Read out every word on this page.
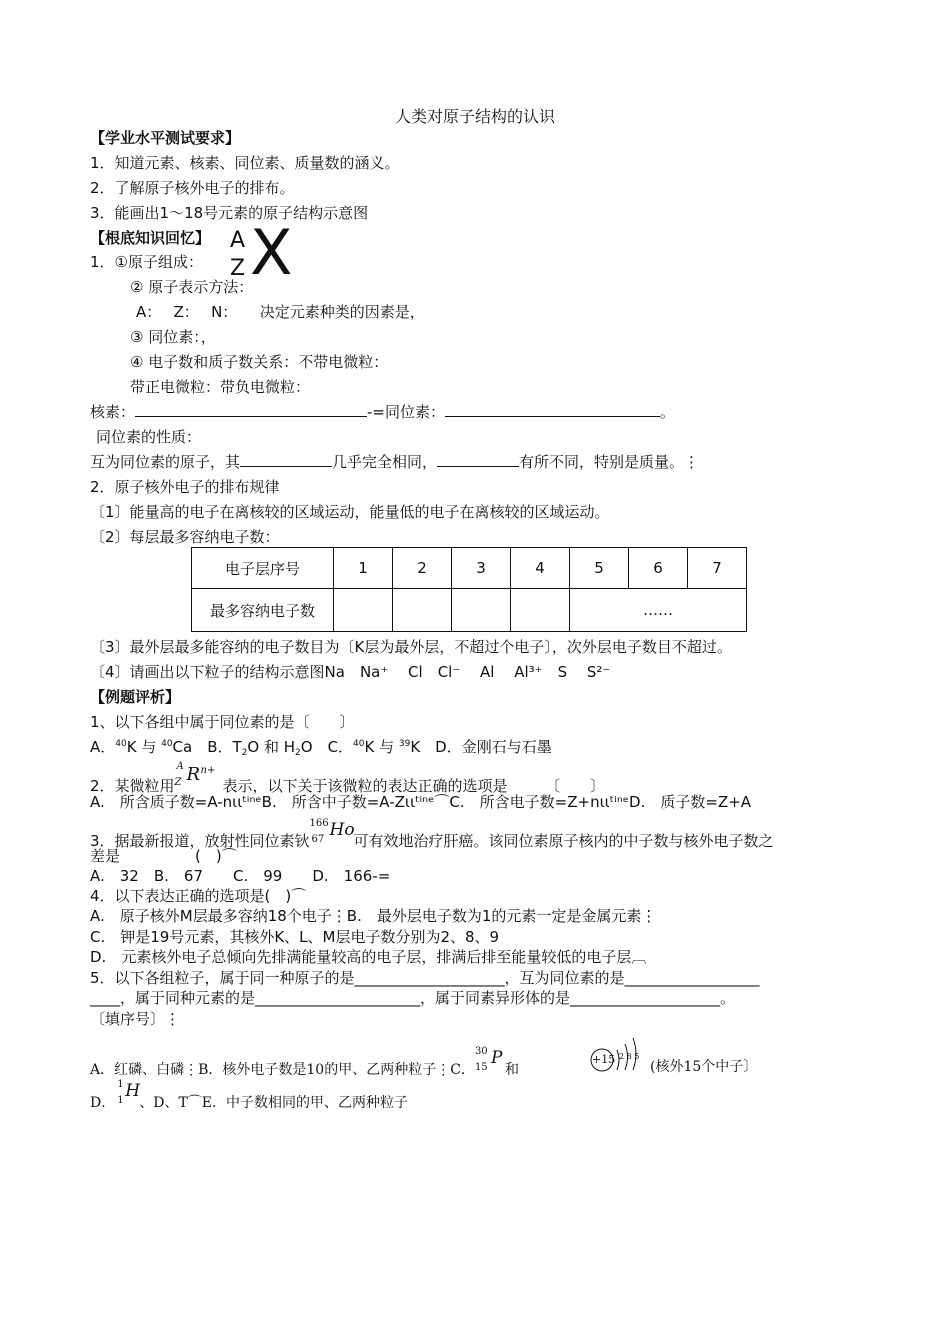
人类对原子结构的认识
【学业水平测试要求】
1．知道元素、核素、同位素、质量数的涵义。
2．了解原子核外电子的排布。
3．能画出1～18号元素的原子结构示意图
【根底知识回忆】 A
Z X
1．①原子组成：
② 原子表示方法：
A：　 Z：　 N：　　决定元素种类的因素是，
③ 同位素：，
④ 电子数和质子数关系：不带电微粒：
带正电微粒：带负电微粒：
核素：	-=同位素：	。
同位素的性质：
互为同位素的原子，其	几乎完全相同，	有所不同，特别是质量。⋮
2．原子核外电子的排布规律
〔1〕能量高的电子在离核较的区域运动，能量低的电子在离核较的区域运动。
〔2〕每层最多容纳电子数：
电子层序号	1	2	3	4	5	6	7
最多容纳电子数					……		
〔3〕最外层最多能容纳的电子数目为〔K层为最外层，不超过个电子〕，次外层电子数目不超过。
〔4〕请画出以下粒子的结构示意图Na　Na⁺　 Cl　Cl⁻　 Al　 Al³⁺　S　 S²⁻
【例题评析】
1、以下各组中属于同位素的是〔　　〕
A．$^{40}$K 与 $^{40}$Ca　B．$T_2O$ 和 $H_2O$　C．$^{40}$K 与 $^{39}$K　D．金刚石与石墨
2．某微粒用
A
Z R n+
表示，以下关于该微粒的表达正确的选项是　　　〔　　〕
A.　所含质子数=A-nιιᵗⁱⁿᵉB.　所含中子数=A-Zιιᵗⁱⁿᵉ⌒C.　所含电子数=Z+nιιᵗⁱⁿᵉD.　质子数=Z+A
3．据最新报道，放射性同位素钬
166
67 Ho
可有效地治疗肝癌。该同位素原子核内的中子数与核外电子数之
差是　　　　　(　)⌒
A.　32　B.　67　　C.　99　　D.　166-=
4．以下表达正确的选项是(　)⌒
A.　原子核外M层最多容纳18个电子⋮B.　最外层电子数为1的元素一定是金属元素⋮
C.　钾是19号元素，其核外K、L、M层电子数分别为2、8、9
D.　元素核外电子总倾向先排满能量较高的电子层，排满后排至能量较低的电子层︹
5．以下各组粒子，属于同一种原子的是____________________，互为同位素的是__________________
____，属于同种元素的是______________________，属于同素异形体的是____________________。
〔填序号〕⋮
A．红磷、白磷⋮B．核外电子数是10的甲、乙两种粒子⋮C．
30
15 P
和
+15 2 8 5
(核外15个中子〕
D．
1
1 H
、D、T⌒E．中子数相同的甲、乙两种粒子
